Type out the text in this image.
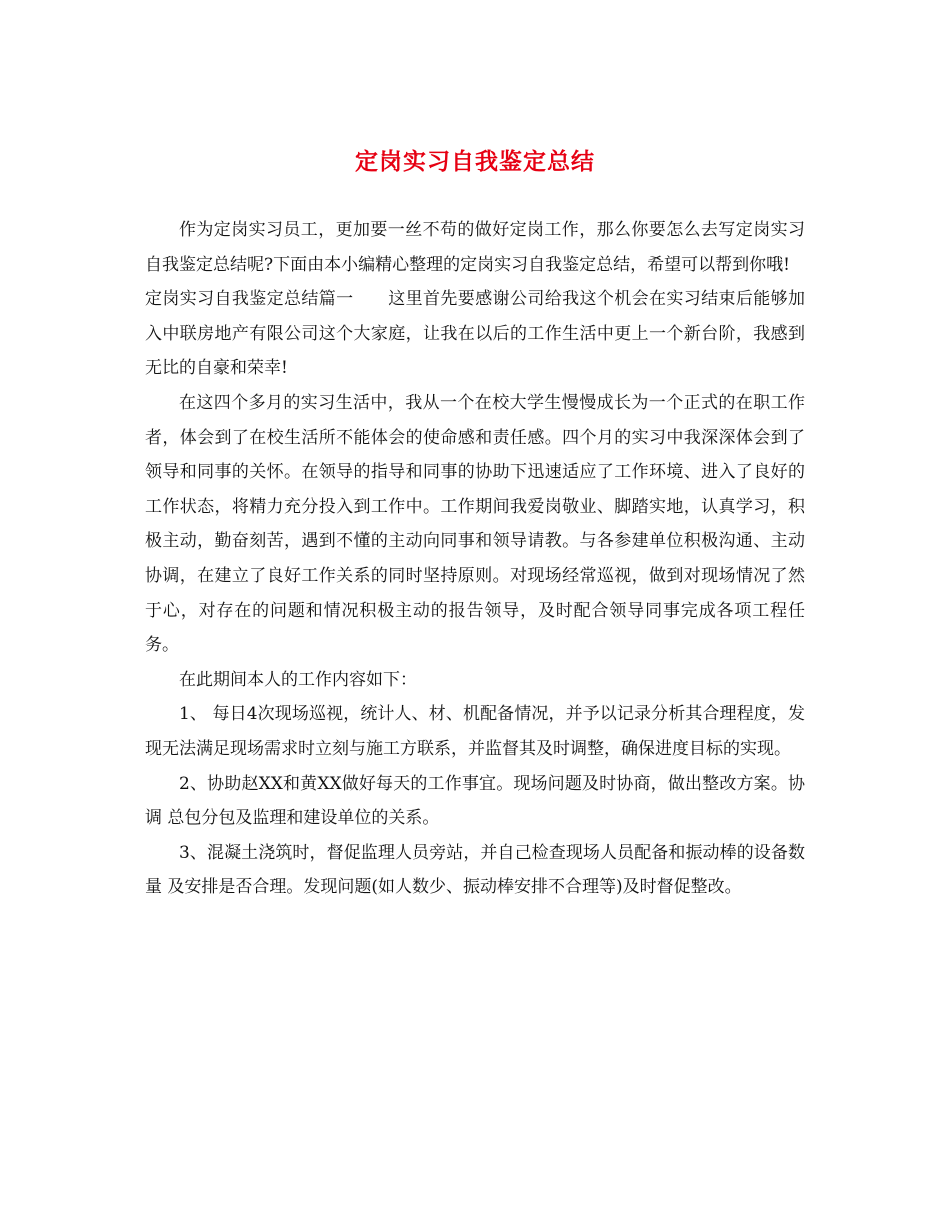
定岗实习自我鉴定总结

作为定岗实习员工，更加要一丝不苟的做好定岗工作，那么你要怎么去写定岗实习自我鉴定总结呢?下面由本小编精心整理的定岗实习自我鉴定总结，希望可以帮到你哦!

定岗实习自我鉴定总结篇一　　这里首先要感谢公司给我这个机会在实习结束后能够加入中联房地产有限公司这个大家庭，让我在以后的工作生活中更上一个新台阶，我感到无比的自豪和荣幸!

在这四个多月的实习生活中，我从一个在校大学生慢慢成长为一个正式的在职工作者，体会到了在校生活所不能体会的使命感和责任感。四个月的实习中我深深体会到了领导和同事的关怀。在领导的指导和同事的协助下迅速适应了工作环境、进入了良好的工作状态，将精力充分投入到工作中。工作期间我爱岗敬业、脚踏实地，认真学习，积极主动，勤奋刻苦，遇到不懂的主动向同事和领导请教。与各参建单位积极沟通、主动协调，在建立了良好工作关系的同时坚持原则。对现场经常巡视，做到对现场情况了然于心，对存在的问题和情况积极主动的报告领导，及时配合领导同事完成各项工程任务。

在此期间本人的工作内容如下：

1、 每日4次现场巡视，统计人、材、机配备情况，并予以记录分析其合理程度，发现无法满足现场需求时立刻与施工方联系，并监督其及时调整，确保进度目标的实现。

2、协助赵XX和黄XX做好每天的工作事宜。现场问题及时协商，做出整改方案。协调 总包分包及监理和建设单位的关系。

3、混凝土浇筑时，督促监理人员旁站，并自己检查现场人员配备和振动棒的设备数量 及安排是否合理。发现问题(如人数少、振动棒安排不合理等)及时督促整改。
